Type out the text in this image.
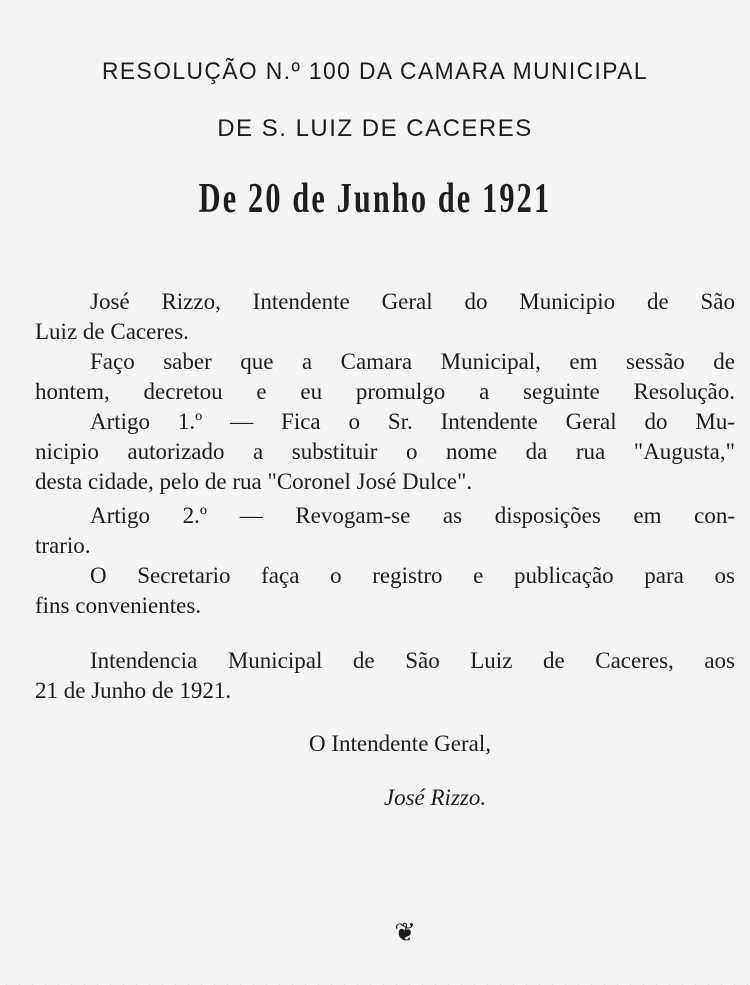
RESOLUÇÃO N.º 100 DA CAMARA MUNICIPAL
DE S. LUIZ DE CACERES
De 20 de Junho de 1921
José Rizzo, Intendente Geral do Municipio de São
Luiz de Caceres.
Faço saber que a Camara Municipal, em sessão de
hontem, decretou e eu promulgo a seguinte Resolução.
Artigo 1.º — Fica o Sr. Intendente Geral do Mu-
nicipio autorizado a substituir o nome da rua "Augusta,"
desta cidade, pelo de rua "Coronel José Dulce".
Artigo 2.º — Revogam-se as disposições em con-
trario.
O Secretario faça o registro e publicação para os
fins convenientes.
Intendencia Municipal de São Luiz de Caceres, aos
21 de Junho de 1921.
O Intendente Geral,
José Rizzo.
❦
